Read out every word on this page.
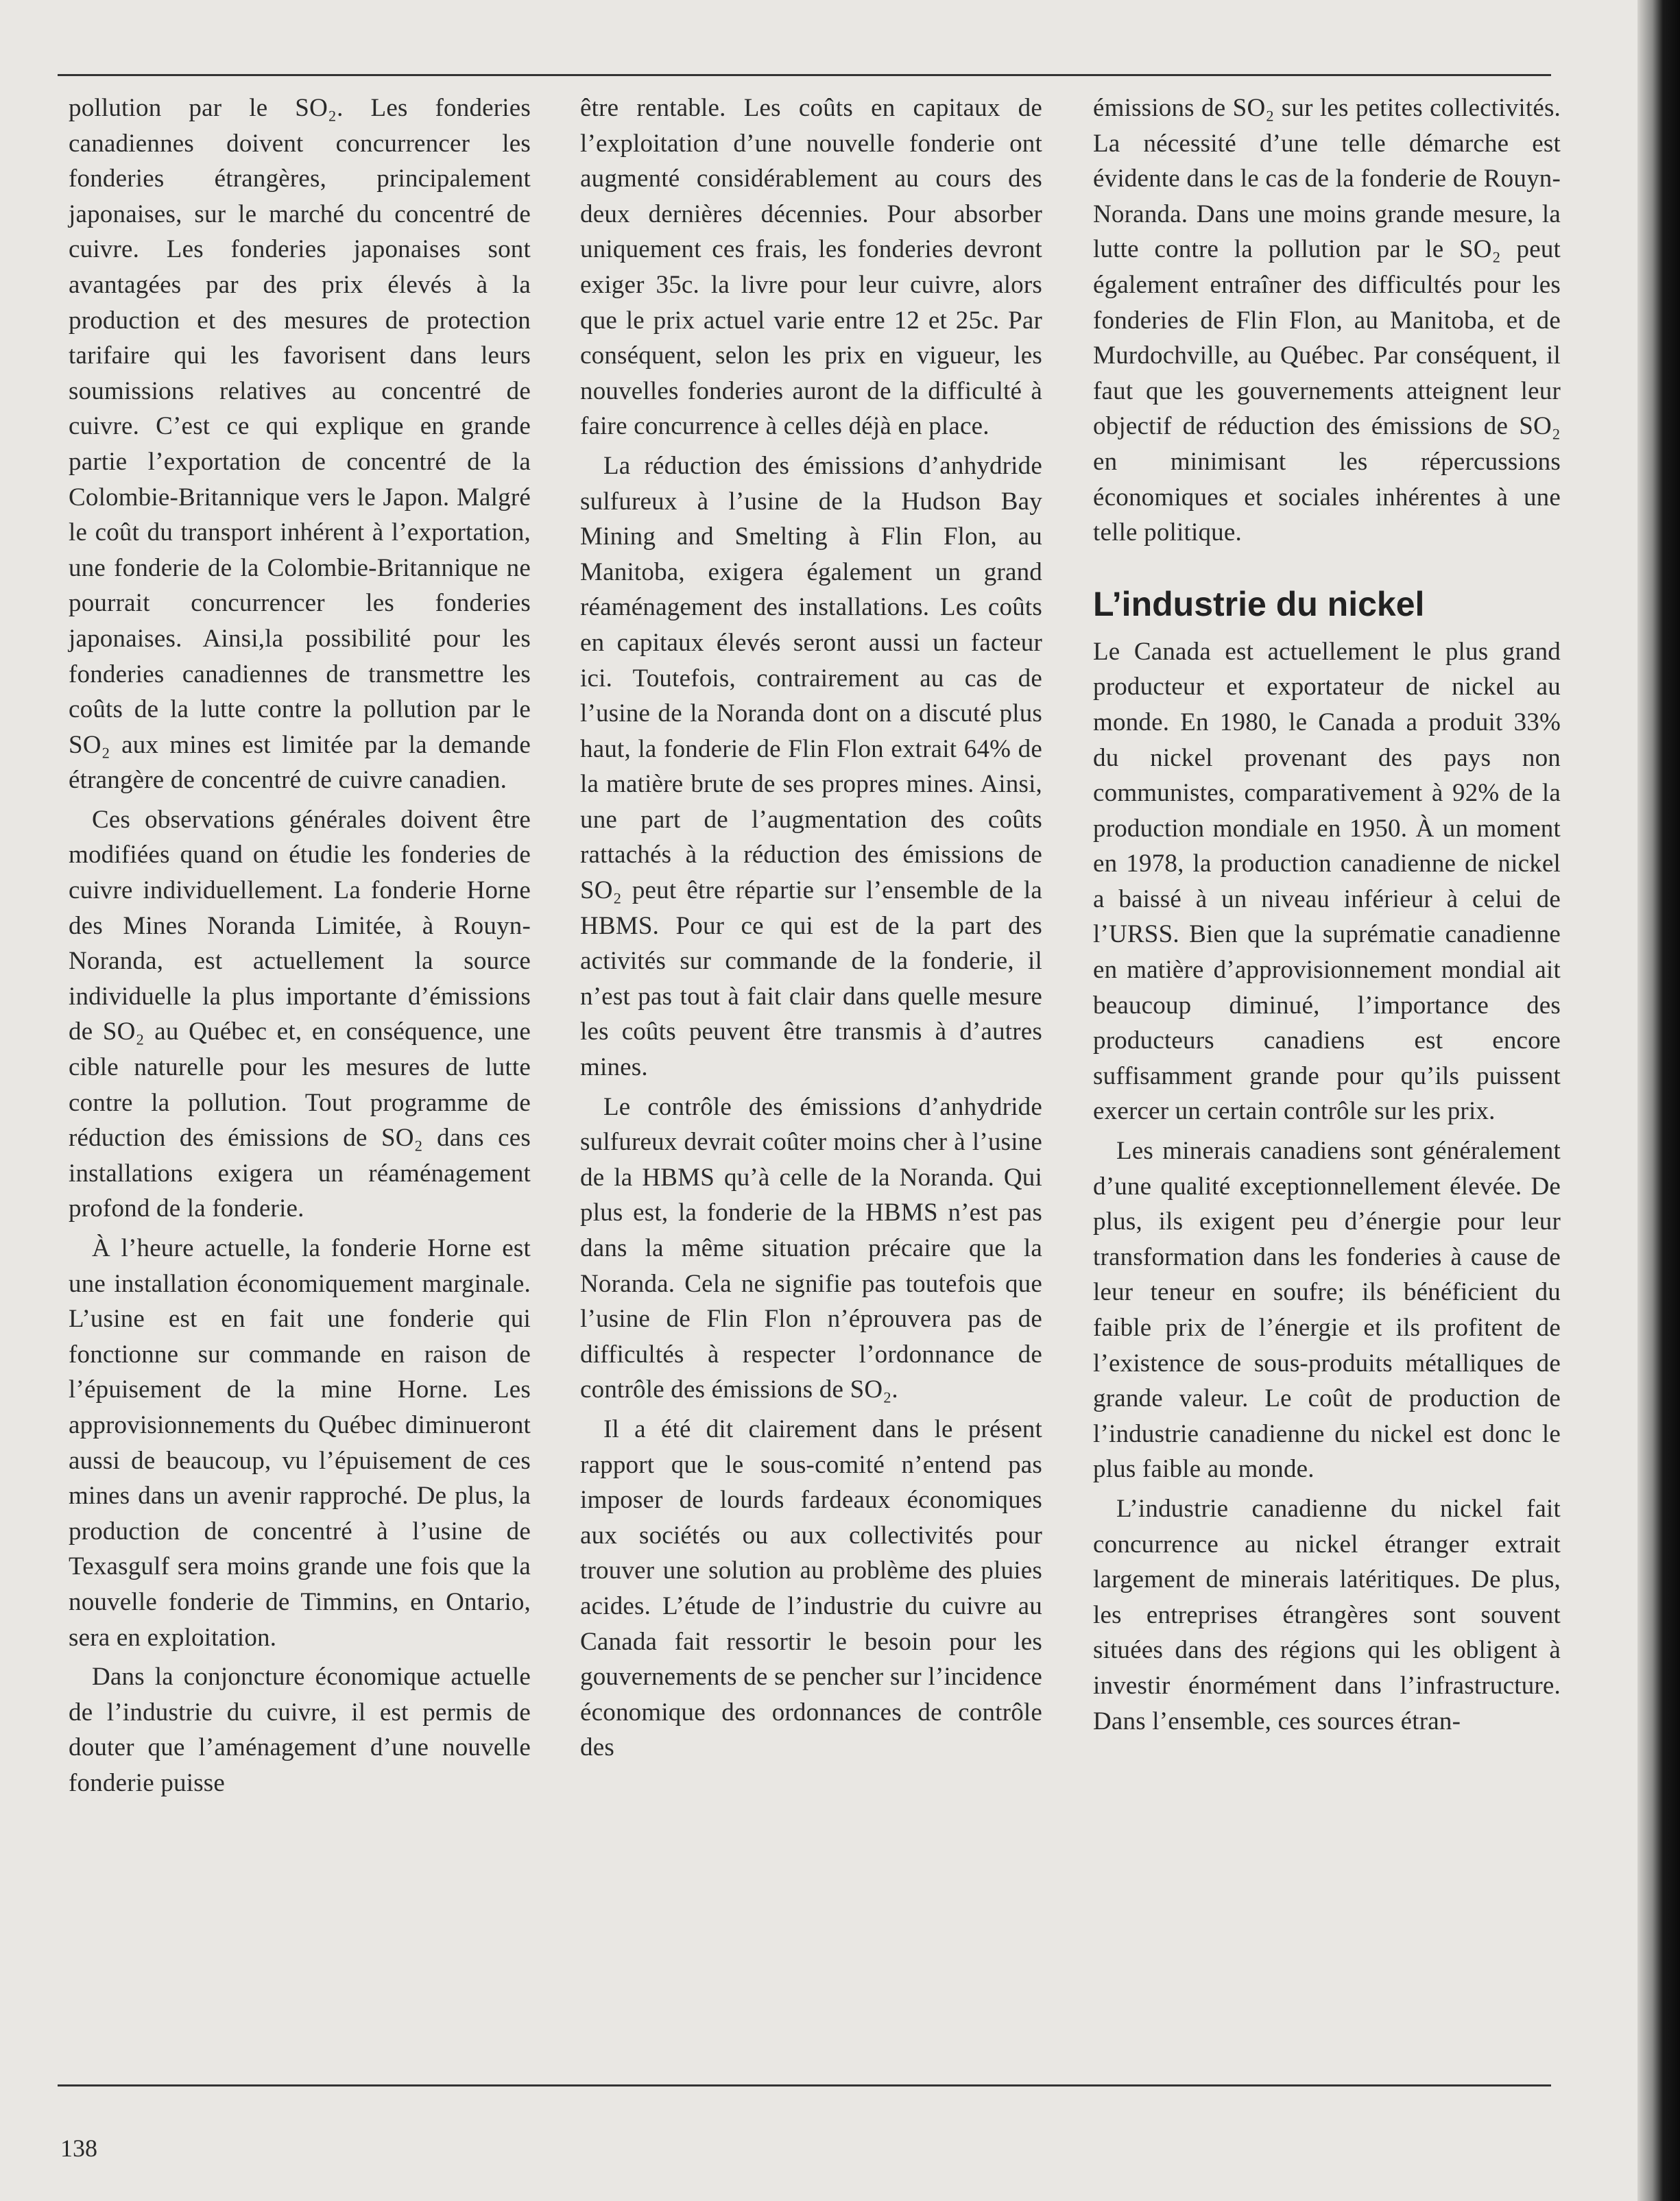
pollution par le SO₂. Les fonderies canadiennes doivent concurrencer les fonderies étrangères, principalement japonaises, sur le marché du concentré de cuivre. Les fonderies japonaises sont avantagées par des prix élevés à la production et des mesures de protection tarifaire qui les favorisent dans leurs soumissions relatives au concentré de cuivre. C’est ce qui explique en grande partie l’exportation de concentré de la Colombie-Britannique vers le Japon. Malgré le coût du transport inhérent à l’exportation, une fonderie de la Colombie-Britannique ne pourrait concurrencer les fonderies japonaises. Ainsi,la possibilité pour les fonderies canadiennes de transmettre les coûts de la lutte contre la pollution par le SO₂ aux mines est limitée par la demande étrangère de concentré de cuivre canadien.

Ces observations générales doivent être modifiées quand on étudie les fonderies de cuivre individuellement. La fonderie Horne des Mines Noranda Limitée, à Rouyn-Noranda, est actuellement la source individuelle la plus importante d’émissions de SO₂ au Québec et, en conséquence, une cible naturelle pour les mesures de lutte contre la pollution. Tout programme de réduction des émissions de SO₂ dans ces installations exigera un réaménagement profond de la fonderie.

À l’heure actuelle, la fonderie Horne est une installation économiquement marginale. L’usine est en fait une fonderie qui fonctionne sur commande en raison de l’épuisement de la mine Horne. Les approvisionnements du Québec diminueront aussi de beaucoup, vu l’épuisement de ces mines dans un avenir rapproché. De plus, la production de concentré à l’usine de Texasgulf sera moins grande une fois que la nouvelle fonderie de Timmins, en Ontario, sera en exploitation.

Dans la conjoncture économique actuelle de l’industrie du cuivre, il est permis de douter que l’aménagement d’une nouvelle fonderie puisse

être rentable. Les coûts en capitaux de l’exploitation d’une nouvelle fonderie ont augmenté considérablement au cours des deux dernières décennies. Pour absorber uniquement ces frais, les fonderies devront exiger 35c. la livre pour leur cuivre, alors que le prix actuel varie entre 12 et 25c. Par conséquent, selon les prix en vigueur, les nouvelles fonderies auront de la difficulté à faire concurrence à celles déjà en place.

La réduction des émissions d’anhydride sulfureux à l’usine de la Hudson Bay Mining and Smelting à Flin Flon, au Manitoba, exigera également un grand réaménagement des installations. Les coûts en capitaux élevés seront aussi un facteur ici. Toutefois, contrairement au cas de l’usine de la Noranda dont on a discuté plus haut, la fonderie de Flin Flon extrait 64% de la matière brute de ses propres mines. Ainsi, une part de l’augmentation des coûts rattachés à la réduction des émissions de SO₂ peut être répartie sur l’ensemble de la HBMS. Pour ce qui est de la part des activités sur commande de la fonderie, il n’est pas tout à fait clair dans quelle mesure les coûts peuvent être transmis à d’autres mines.

Le contrôle des émissions d’anhydride sulfureux devrait coûter moins cher à l’usine de la HBMS qu’à celle de la Noranda. Qui plus est, la fonderie de la HBMS n’est pas dans la même situation précaire que la Noranda. Cela ne signifie pas toutefois que l’usine de Flin Flon n’éprouvera pas de difficultés à respecter l’ordonnance de contrôle des émissions de SO₂.

Il a été dit clairement dans le présent rapport que le sous-comité n’entend pas imposer de lourds fardeaux économiques aux sociétés ou aux collectivités pour trouver une solution au problème des pluies acides. L’étude de l’industrie du cuivre au Canada fait ressortir le besoin pour les gouvernements de se pencher sur l’incidence économique des ordonnances de contrôle des

émissions de SO₂ sur les petites collectivités. La nécessité d’une telle démarche est évidente dans le cas de la fonderie de Rouyn-Noranda. Dans une moins grande mesure, la lutte contre la pollution par le SO₂ peut également entraîner des difficultés pour les fonderies de Flin Flon, au Manitoba, et de Murdochville, au Québec. Par conséquent, il faut que les gouvernements atteignent leur objectif de réduction des émissions de SO₂ en minimisant les répercussions économiques et sociales inhérentes à une telle politique.

L’industrie du nickel

Le Canada est actuellement le plus grand producteur et exportateur de nickel au monde. En 1980, le Canada a produit 33% du nickel provenant des pays non communistes, comparativement à 92% de la production mondiale en 1950. À un moment en 1978, la production canadienne de nickel a baissé à un niveau inférieur à celui de l’URSS. Bien que la suprématie canadienne en matière d’approvisionnement mondial ait beaucoup diminué, l’importance des producteurs canadiens est encore suffisamment grande pour qu’ils puissent exercer un certain contrôle sur les prix.

Les minerais canadiens sont généralement d’une qualité exceptionnellement élevée. De plus, ils exigent peu d’énergie pour leur transformation dans les fonderies à cause de leur teneur en soufre; ils bénéficient du faible prix de l’énergie et ils profitent de l’existence de sous-produits métalliques de grande valeur. Le coût de production de l’industrie canadienne du nickel est donc le plus faible au monde.

L’industrie canadienne du nickel fait concurrence au nickel étranger extrait largement de minerais latéritiques. De plus, les entreprises étrangères sont souvent situées dans des régions qui les obligent à investir énormément dans l’infrastructure. Dans l’ensemble, ces sources étran-

138
